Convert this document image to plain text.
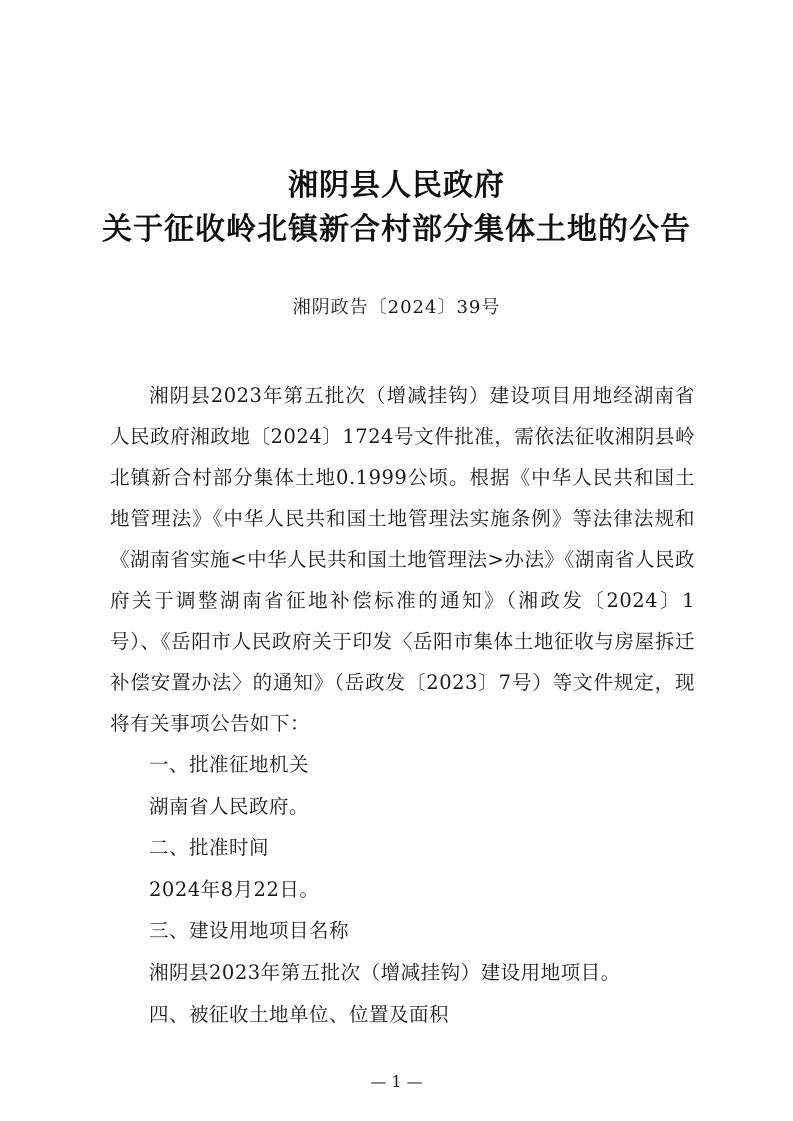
湘阴县人民政府
关于征收岭北镇新合村部分集体土地的公告
湘阴政告〔2024〕39号

湘阴县2023年第五批次（增减挂钩）建设项目用地经湖南省人民政府湘政地〔2024〕1724号文件批准，需依法征收湘阴县岭北镇新合村部分集体土地0.1999公顷。根据《中华人民共和国土地管理法》《中华人民共和国土地管理法实施条例》等法律法规和《湖南省实施<中华人民共和国土地管理法>办法》《湖南省人民政府关于调整湖南省征地补偿标准的通知》（湘政发〔2024〕1号）、《岳阳市人民政府关于印发〈岳阳市集体土地征收与房屋拆迁补偿安置办法〉的通知》（岳政发〔2023〕7号）等文件规定，现将有关事项公告如下：

一、批准征地机关

湖南省人民政府。

二、批准时间

2024年8月22日。

三、建设用地项目名称

湘阴县2023年第五批次（增减挂钩）建设用地项目。

四、被征收土地单位、位置及面积

— 1 —
